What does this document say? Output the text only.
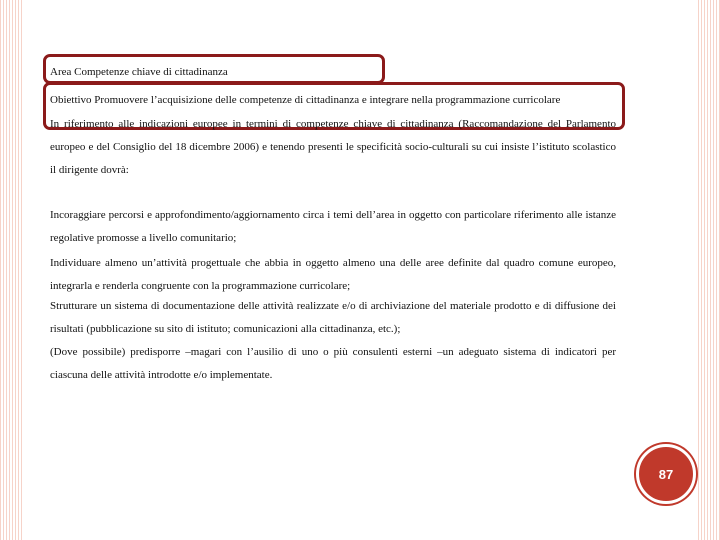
Area Competenze chiave di cittadinanza

Obiettivo Promuovere l’acquisizione delle competenze di cittadinanza e integrare nella programmazione curricolare

In riferimento alle indicazioni europee in termini di competenze chiave di cittadinanza (Raccomandazione del Parlamento europeo e del Consiglio del 18 dicembre 2006) e tenendo presenti le specificità socio-culturali su cui insiste l’istituto scolastico il dirigente dovrà:

Incoraggiare percorsi e approfondimento/aggiornamento circa i temi dell’area in oggetto con particolare riferimento alle istanze regolative promosse a livello comunitario;

Individuare almeno un’attività progettuale che abbia in oggetto almeno una delle aree definite dal quadro comune europeo, integrarla e renderla congruente con la programmazione curricolare;

Strutturare un sistema di documentazione delle attività realizzate e/o di archiviazione del materiale prodotto e di diffusione dei risultati (pubblicazione su sito di istituto; comunicazioni alla cittadinanza, etc.);

(Dove possibile) predisporre –magari con l’ausilio di uno o più consulenti esterni –un adeguato sistema di indicatori per ciascuna delle attività introdotte e/o implementate.

87
